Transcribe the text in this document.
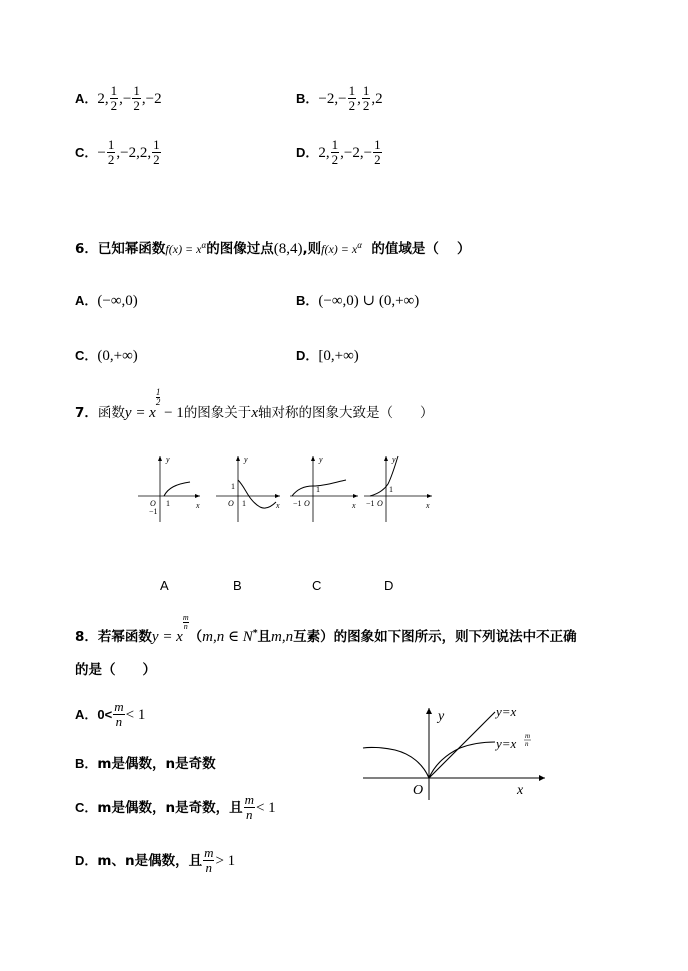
A．2, $\frac{1}{2}$ ,− $\frac{1}{2} ,-2$	B．$-2,- \frac{1}{2}$ , $\frac{1}{2} ,2$
C．− $\frac{1}{2} ,-2,2$, $\frac{1}{2}$	D．2, $\frac{1}{2} ,-2,- \frac{1}{2}$
6．已知幂函数$f(x) = x^\alpha$的图像过点(8,4),则$f(x) = x^\alpha$ 的值域是（　 ）
A．(−∞,0)	B．(−∞,0) ∪ (0,+∞)
C．(0,+∞)	D．[0,+∞)
7．函数y = x
$\frac{1}{2}$
− 1的图象关于x轴对称的图象大致是（　　）
y
x
O 1
−1
y
x
O
1
1
y
x
−1 O
1
y
x
−1 O
1
A	B	C	D
8．若幂函数y = x
$\frac{m}{n}$
（m,n ∈ N*且m,n互素）的图象如下图所示，则下列说法中不正确
的是（　　）
A．$0< \frac{m}{n} < 1$
B．m是偶数，n是奇数
C．m是偶数，n是奇数，且 $\frac{m}{n} < 1$
D．m、n是偶数，且 $\frac{m}{n} > 1$
y
x
O
y=x
y=x m
n
